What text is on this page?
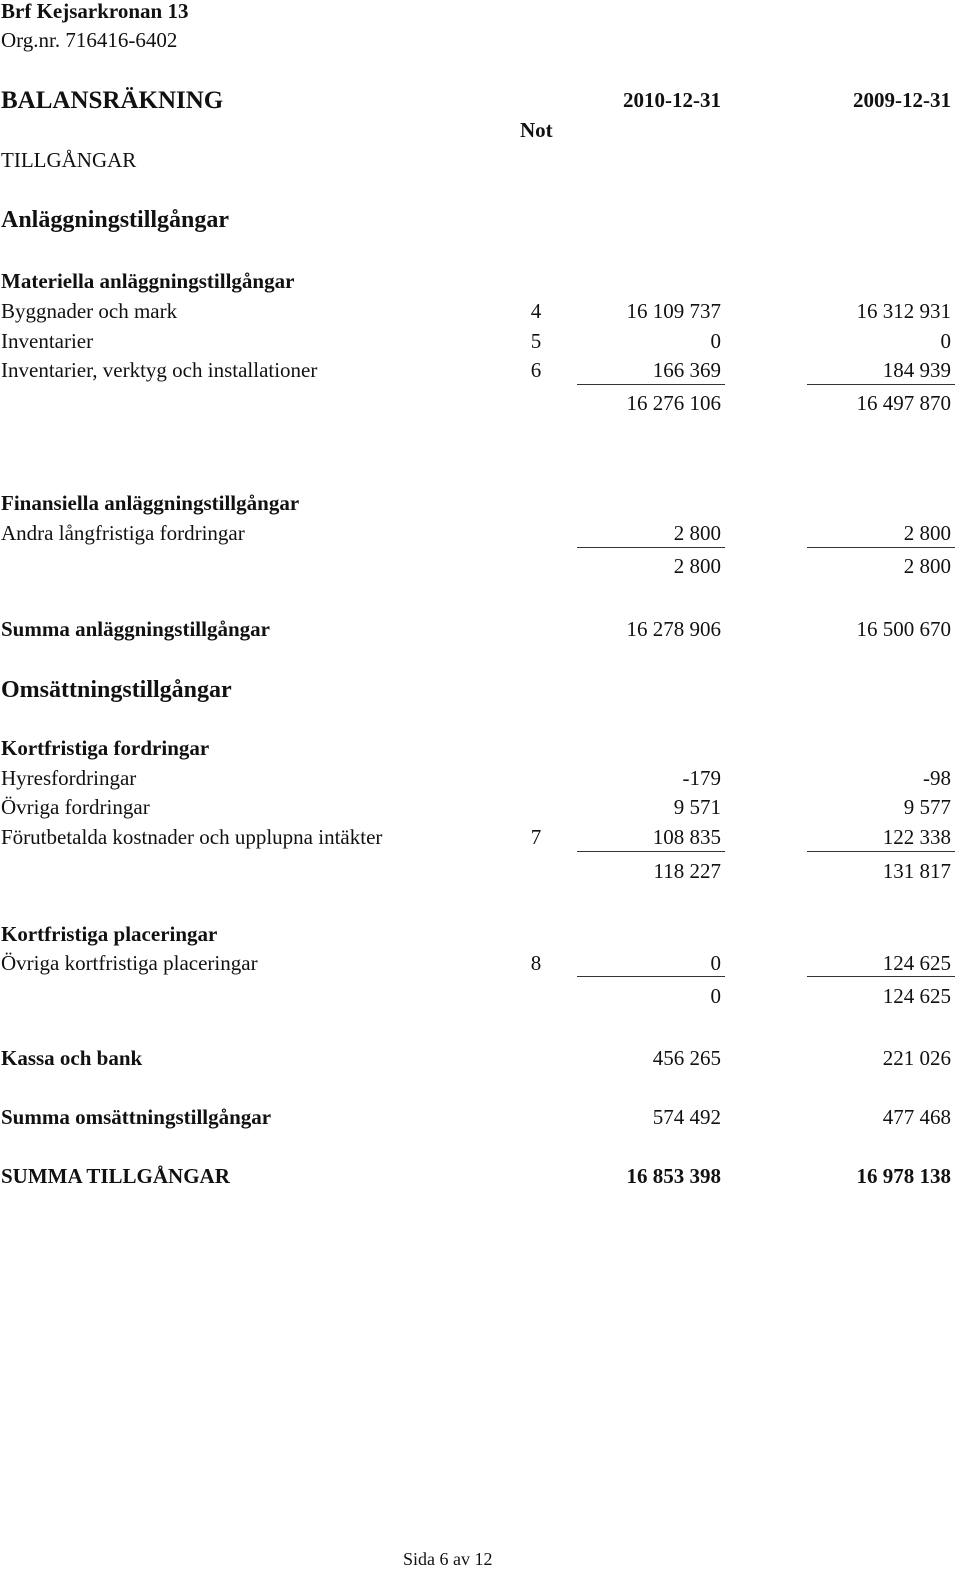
Brf Kejsarkronan 13
Org.nr. 716416-6402
BALANSRÄKNING	2010-12-31	2009-12-31
Not
TILLGÅNGAR
Anläggningstillgångar
Materiella anläggningstillgångar
Byggnader och mark	4	16 109 737	16 312 931
Inventarier	5	0	0
Inventarier, verktyg och installationer	6	166 369	184 939
16 276 106	16 497 870
Finansiella anläggningstillgångar
Andra långfristiga fordringar	2 800	2 800
2 800	2 800
Summa anläggningstillgångar	16 278 906	16 500 670
Omsättningstillgångar
Kortfristiga fordringar
Hyresfordringar	-179	-98
Övriga fordringar	9 571	9 577
Förutbetalda kostnader och upplupna intäkter	7	108 835	122 338
118 227	131 817
Kortfristiga placeringar
Övriga kortfristiga placeringar	8	0	124 625
0	124 625
Kassa och bank	456 265	221 026
Summa omsättningstillgångar	574 492	477 468
SUMMA TILLGÅNGAR	16 853 398	16 978 138
Sida 6 av 12
